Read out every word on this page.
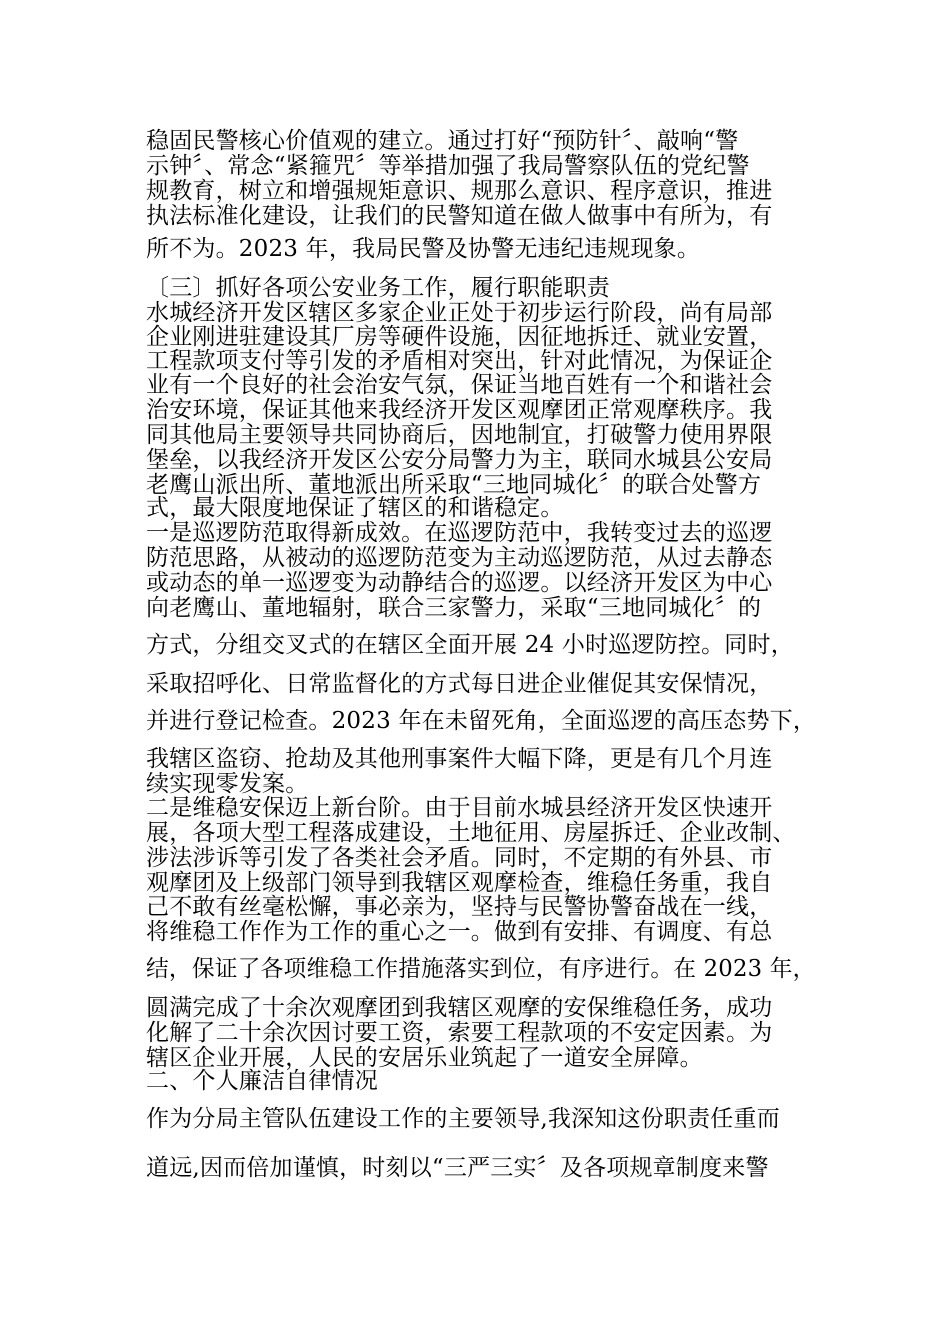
稳固民警核心价值观的建立。通过打好“预防针〞、敲响“警
示钟〞、常念“紧箍咒〞等举措加强了我局警察队伍的党纪警
规教育，树立和增强规矩意识、规那么意识、程序意识，推进
执法标准化建设，让我们的民警知道在做人做事中有所为，有
所不为。2023 年，我局民警及协警无违纪违规现象。
〔三〕抓好各项公安业务工作，履行职能职责
水城经济开发区辖区多家企业正处于初步运行阶段，尚有局部
企业刚进驻建设其厂房等硬件设施，因征地拆迁、就业安置，
工程款项支付等引发的矛盾相对突出，针对此情况，为保证企
业有一个良好的社会治安气氛，保证当地百姓有一个和谐社会
治安环境，保证其他来我经济开发区观摩团正常观摩秩序。我
同其他局主要领导共同协商后，因地制宜，打破警力使用界限
堡垒，以我经济开发区公安分局警力为主，联同水城县公安局
老鹰山派出所、董地派出所采取“三地同城化〞的联合处警方
式，最大限度地保证了辖区的和谐稳定。
一是巡逻防范取得新成效。在巡逻防范中，我转变过去的巡逻
防范思路，从被动的巡逻防范变为主动巡逻防范，从过去静态
或动态的单一巡逻变为动静结合的巡逻。以经济开发区为中心
向老鹰山、董地辐射，联合三家警力，采取“三地同城化〞的
方式，分组交叉式的在辖区全面开展 24 小时巡逻防控。同时，
采取招呼化、日常监督化的方式每日进企业催促其安保情况，
并进行登记检查。2023 年在未留死角，全面巡逻的高压态势下，
我辖区盗窃、抢劫及其他刑事案件大幅下降，更是有几个月连
续实现零发案。
二是维稳安保迈上新台阶。由于目前水城县经济开发区快速开
展，各项大型工程落成建设，土地征用、房屋拆迁、企业改制、
涉法涉诉等引发了各类社会矛盾。同时，不定期的有外县、市
观摩团及上级部门领导到我辖区观摩检查，维稳任务重，我自
己不敢有丝毫松懈，事必亲为，坚持与民警协警奋战在一线，
将维稳工作作为工作的重心之一。做到有安排、有调度、有总
结，保证了各项维稳工作措施落实到位，有序进行。在 2023 年，
圆满完成了十余次观摩团到我辖区观摩的安保维稳任务，成功
化解了二十余次因讨要工资，索要工程款项的不安定因素。为
辖区企业开展，人民的安居乐业筑起了一道安全屏障。
二、个人廉洁自律情况
作为分局主管队伍建设工作的主要领导,我深知这份职责任重而
道远,因而倍加谨慎，时刻以“三严三实〞及各项规章制度来警
